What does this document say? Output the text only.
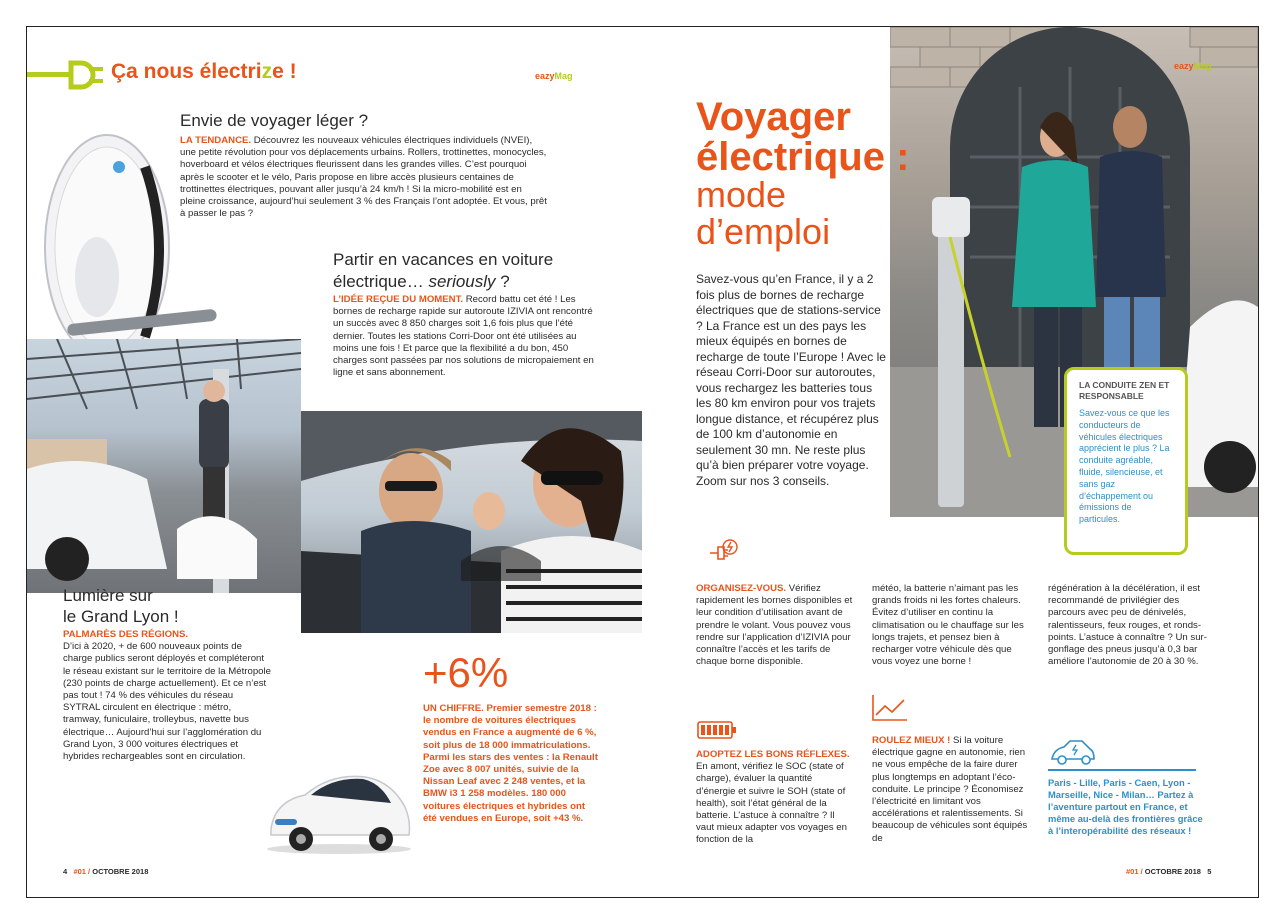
Ça nous électrize !	eazyMag
Envie de voyager léger ?
LA TENDANCE. Découvrez les nouveaux véhicules électriques individuels (NVEI), une petite révolution pour vos déplacements urbains. Rollers, trottinettes, monocycles, hoverboard et vélos électriques fleurissent dans les grandes villes. C’est pourquoi après le scooter et le vélo, Paris propose en libre accès plusieurs centaines de trottinettes électriques, pouvant aller jusqu’à 24 km/h ! Si la micro-mobilité est en pleine croissance, aujourd’hui seulement 3 % des Français l’ont adoptée. Et vous, prêt à passer le pas ?
Partir en vacances en voiture
électrique… seriously ?
L’IDÉE REÇUE DU MOMENT. Record battu cet été ! Les bornes de recharge rapide sur autoroute IZIVIA ont rencontré un succès avec 8 850 charges soit 1,6 fois plus que l’été dernier. Toutes les stations Corri-Door ont été utilisées au moins une fois ! Et parce que la flexibilité a du bon, 450 charges sont passées par nos solutions de micropaiement en ligne et sans abonnement.
Lumière sur
le Grand Lyon !
PALMARÈS DES RÉGIONS.
D’ici à 2020, + de 600 nouveaux points de charge publics seront déployés et compléteront le réseau existant sur le territoire de la Métropole (230 points de charge actuellement). Et ce n’est pas tout ! 74 % des véhicules du réseau SYTRAL circulent en électrique : métro, tramway, funiculaire, trolleybus, navette bus électrique… Aujourd’hui sur l’agglomération du Grand Lyon, 3 000 voitures électriques et hybrides rechargeables sont en circulation.
+6%
UN CHIFFRE. Premier semestre 2018 : le nombre de voitures électriques vendus en France a augmenté de 6 %, soit plus de 18 000 immatriculations. Parmi les stars des ventes : la Renault Zoe avec 8 007 unités, suivie de la Nissan Leaf avec 2 248 ventes, et la BMW i3 1 258 modèles. 180 000 voitures électriques et hybrides ont été vendues en Europe, soit +43 %.
4 #01 / OCTOBRE 2018
eazyMag
Voyager
électrique :
mode
d’emploi
Savez-vous qu’en France, il y a 2 fois plus de bornes de recharge électriques que de stations-service ? La France est un des pays les mieux équipés en bornes de recharge de toute l’Europe ! Avec le réseau Corri-Door sur autoroutes, vous rechargez les batteries tous les 80 km environ pour vos trajets longue distance, et récupérez plus de 100 km d’autonomie en seulement 30 mn. Ne reste plus qu’à bien préparer votre voyage. Zoom sur nos 3 conseils.
LA CONDUITE ZEN ET RESPONSABLE
Savez-vous ce que les conducteurs de véhicules électriques apprécient le plus ? La conduite agréable, fluide, silencieuse, et sans gaz d’échappement ou émissions de particules.
ORGANISEZ-VOUS. Vérifiez rapidement les bornes disponibles et leur condition d’utilisation avant de prendre le volant. Vous pouvez vous rendre sur l’application d’IZIVIA pour connaître l’accès et les tarifs de chaque borne disponible.
ADOPTEZ LES BONS RÉFLEXES. En amont, vérifiez le SOC (state of charge), évaluer la quantité d’énergie et suivre le SOH (state of health), soit l’état général de la batterie. L’astuce à connaître ? Il vaut mieux adapter vos voyages en fonction de la
météo, la batterie n’aimant pas les grands froids ni les fortes chaleurs. Évitez d’utiliser en continu la climatisation ou le chauffage sur les longs trajets, et pensez bien à recharger votre véhicule dès que vous voyez une borne !
ROULEZ MIEUX ! Si la voiture électrique gagne en autonomie, rien ne vous empêche de la faire durer plus longtemps en adoptant l’éco-conduite. Le principe ? Économisez l’électricité en limitant vos accélérations et ralentissements. Si beaucoup de véhicules sont équipés de
régénération à la décélération, il est recommandé de privilégier des parcours avec peu de dénivelés, ralentisseurs, feux rouges, et ronds-points. L’astuce à connaître ? Un sur-gonflage des pneus jusqu’à 0,3 bar améliore l’autonomie de 20 à 30 %.
Paris - Lille, Paris - Caen, Lyon - Marseille, Nice - Milan… Partez à l’aventure partout en France, et même au-delà des frontières grâce à l’interopérabilité des réseaux !
#01 / OCTOBRE 2018 5
